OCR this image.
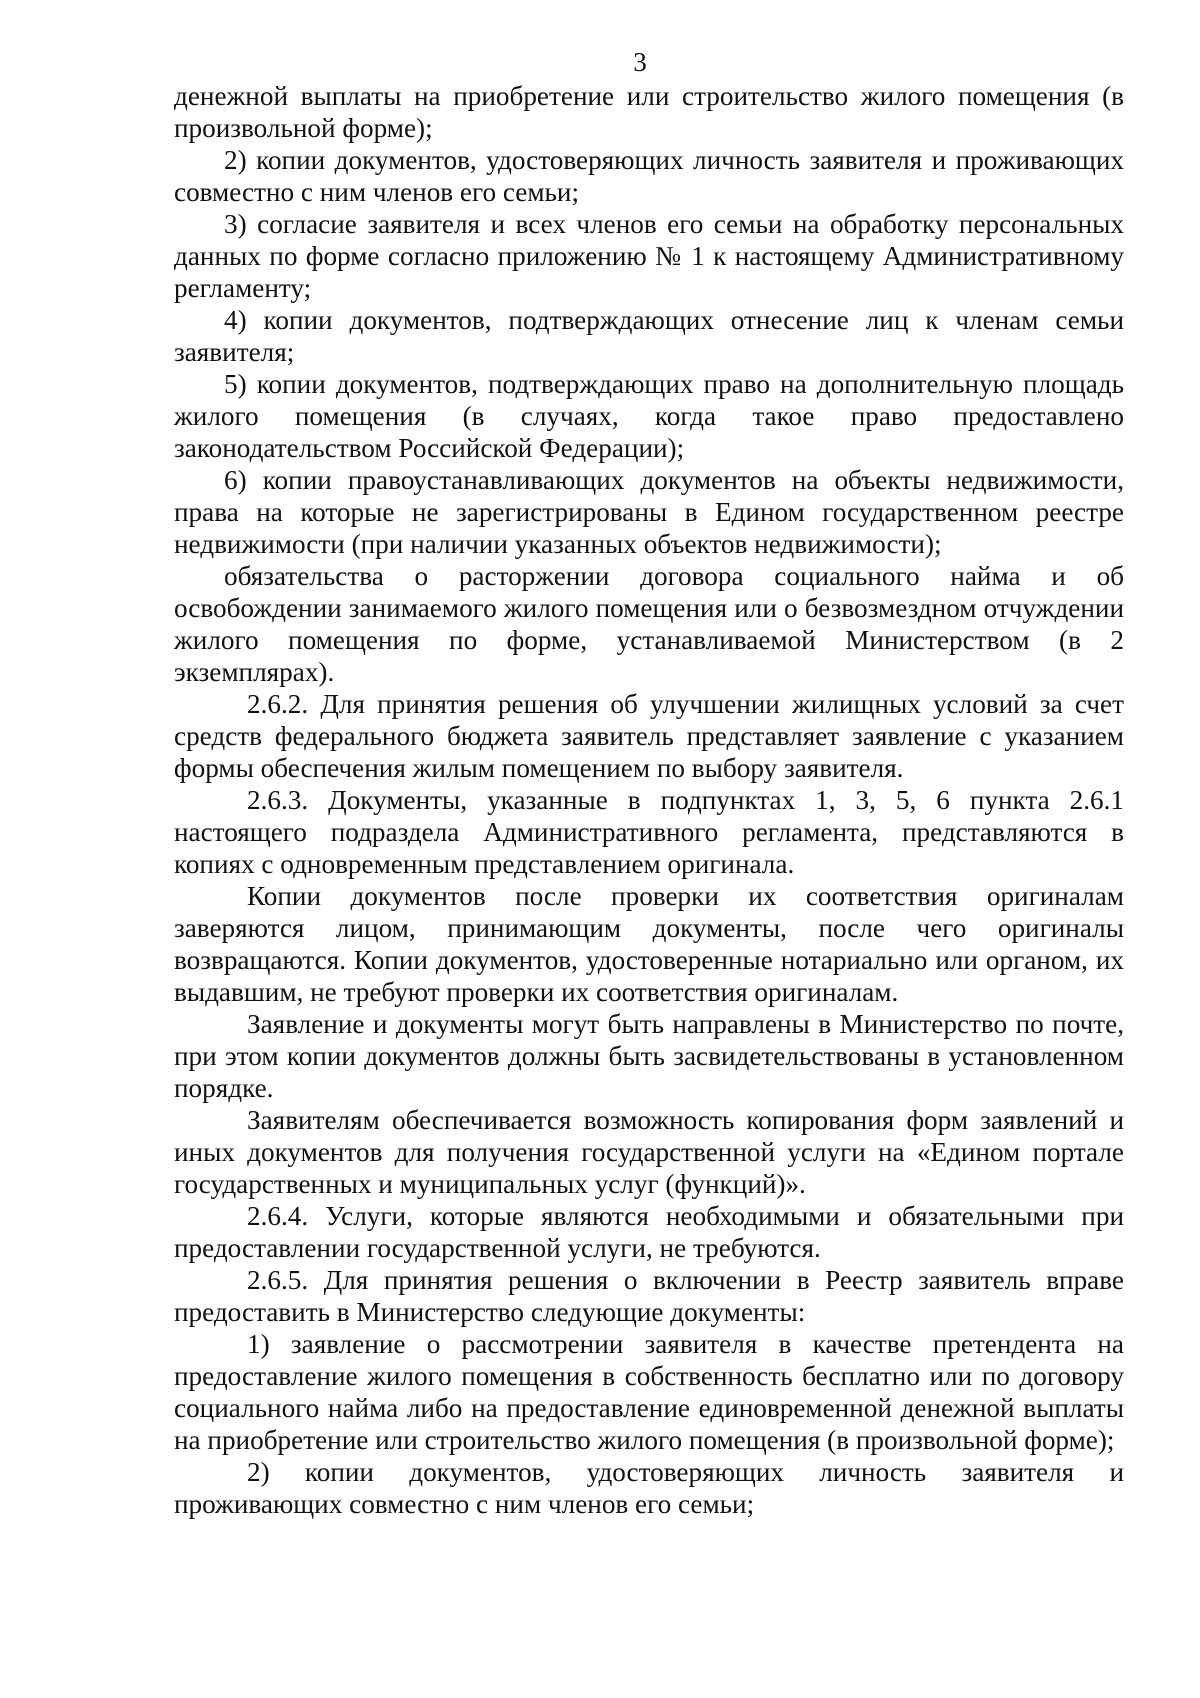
3

денежной выплаты на приобретение или строительство жилого помещения (в произвольной форме);

2) копии документов, удостоверяющих личность заявителя и проживающих совместно с ним членов его семьи;

3) согласие заявителя и всех членов его семьи на обработку персональных данных по форме согласно приложению № 1 к настоящему Административному регламенту;

4) копии документов, подтверждающих отнесение лиц к членам семьи заявителя;

5) копии документов, подтверждающих право на дополнительную площадь жилого помещения (в случаях, когда такое право предоставлено законодательством Российской Федерации);

6) копии правоустанавливающих документов на объекты недвижимости, права на которые не зарегистрированы в Едином государственном реестре недвижимости (при наличии указанных объектов недвижимости);

обязательства о расторжении договора социального найма и об освобождении занимаемого жилого помещения или о безвозмездном отчуждении жилого помещения по форме, устанавливаемой Министерством (в 2 экземплярах).

2.6.2. Для принятия решения об улучшении жилищных условий за счет средств федерального бюджета заявитель представляет заявление с указанием формы обеспечения жилым помещением по выбору заявителя.

2.6.3. Документы, указанные в подпунктах 1, 3, 5, 6 пункта 2.6.1 настоящего подраздела Административного регламента, представляются в копиях с одновременным представлением оригинала.

Копии документов после проверки их соответствия оригиналам заверяются лицом, принимающим документы, после чего оригиналы возвращаются. Копии документов, удостоверенные нотариально или органом, их выдавшим, не требуют проверки их соответствия оригиналам.

Заявление и документы могут быть направлены в Министерство по почте, при этом копии документов должны быть засвидетельствованы в установленном порядке.

Заявителям обеспечивается возможность копирования форм заявлений и иных документов для получения государственной услуги на «Едином портале государственных и муниципальных услуг (функций)».

2.6.4. Услуги, которые являются необходимыми и обязательными при предоставлении государственной услуги, не требуются.

2.6.5. Для принятия решения о включении в Реестр заявитель вправе предоставить в Министерство следующие документы:

1) заявление о рассмотрении заявителя в качестве претендента на предоставление жилого помещения в собственность бесплатно или по договору социального найма либо на предоставление единовременной денежной выплаты на приобретение или строительство жилого помещения (в произвольной форме);

2) копии документов, удостоверяющих личность заявителя и проживающих совместно с ним членов его семьи;
